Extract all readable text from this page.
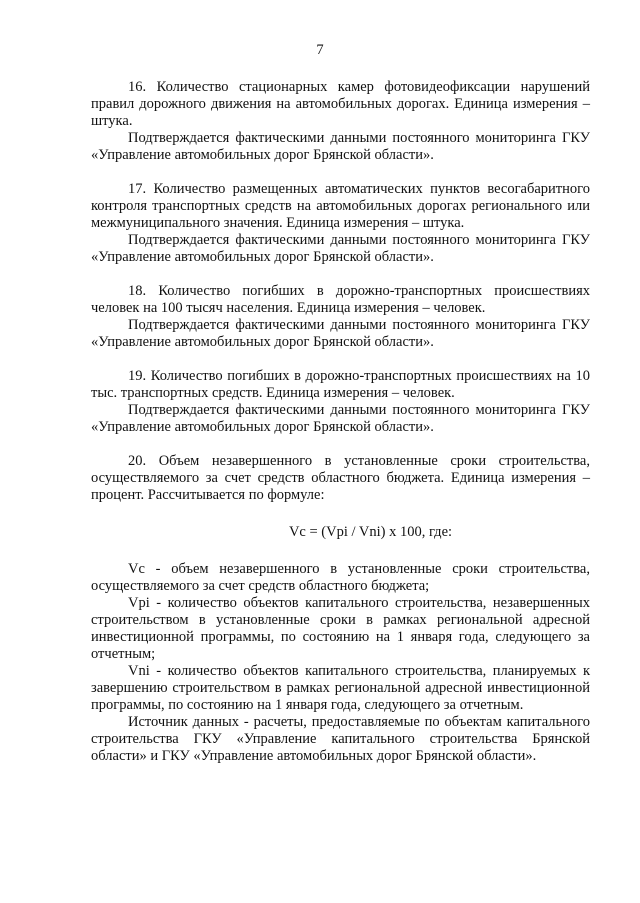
7

16. Количество стационарных камер фотовидеофиксации нарушений правил дорожного движения на автомобильных дорогах. Единица измерения – штука.

Подтверждается фактическими данными постоянного мониторинга ГКУ «Управление автомобильных дорог Брянской области».

17. Количество размещенных автоматических пунктов весогабаритного контроля транспортных средств на автомобильных дорогах регионального или межмуниципального значения. Единица измерения – штука.

Подтверждается фактическими данными постоянного мониторинга ГКУ «Управление автомобильных дорог Брянской области».

18. Количество погибших в дорожно-транспортных происшествиях человек на 100 тысяч населения. Единица измерения – человек.

Подтверждается фактическими данными постоянного мониторинга ГКУ «Управление автомобильных дорог Брянской области».

19. Количество погибших в дорожно-транспортных происшествиях на 10 тыс. транспортных средств. Единица измерения – человек.

Подтверждается фактическими данными постоянного мониторинга ГКУ «Управление автомобильных дорог Брянской области».

20. Объем незавершенного в установленные сроки строительства, осуществляемого за счет средств областного бюджета. Единица измерения – процент. Рассчитывается по формуле:

Vc = (Vpi / Vni) x 100, где:

Vc - объем незавершенного в установленные сроки строительства, осуществляемого за счет средств областного бюджета;

Vpi - количество объектов капитального строительства, незавершенных строительством в установленные сроки в рамках региональной адресной инвестиционной программы, по состоянию на 1 января года, следующего за отчетным;

Vni - количество объектов капитального строительства, планируемых к завершению строительством в рамках региональной адресной инвестиционной программы, по состоянию на 1 января года, следующего за отчетным.

Источник данных - расчеты, предоставляемые по объектам капитального строительства ГКУ «Управление капитального строительства Брянской области» и ГКУ «Управление автомобильных дорог Брянской области».
